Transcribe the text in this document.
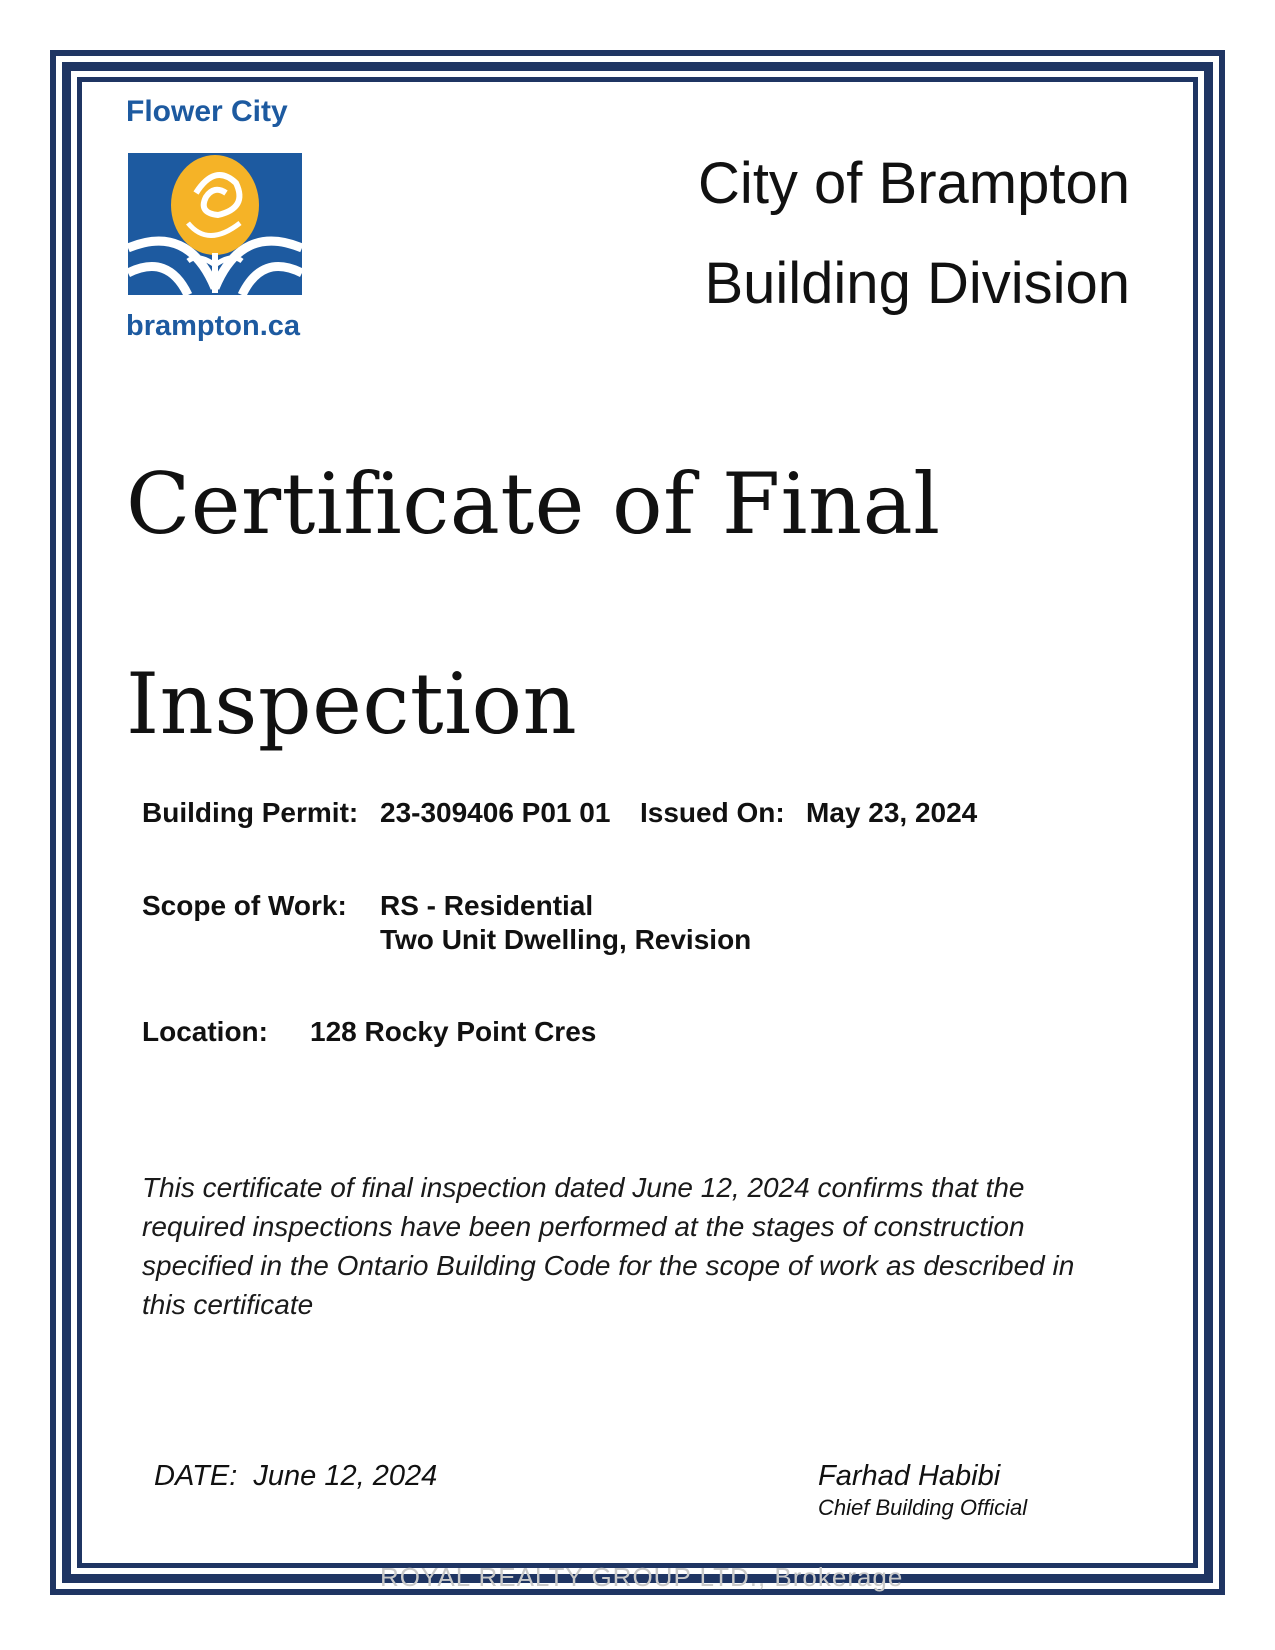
Flower City
brampton.ca
City of Brampton
Building Division
Certificate of Final
Inspection
Building Permit: 23-309406 P01 01 Issued On: May 23, 2024
Scope of Work: RS - Residential
Two Unit Dwelling, Revision
Location: 128 Rocky Point Cres
This certificate of final inspection dated June 12, 2024 confirms that the required inspections have been performed at the stages of construction specified in the Ontario Building Code for the scope of work as described in this certificate
DATE: June 12, 2024	Farhad Habibi
Chief Building Official
ROYAL REALTY GROUP LTD., Brokerage
